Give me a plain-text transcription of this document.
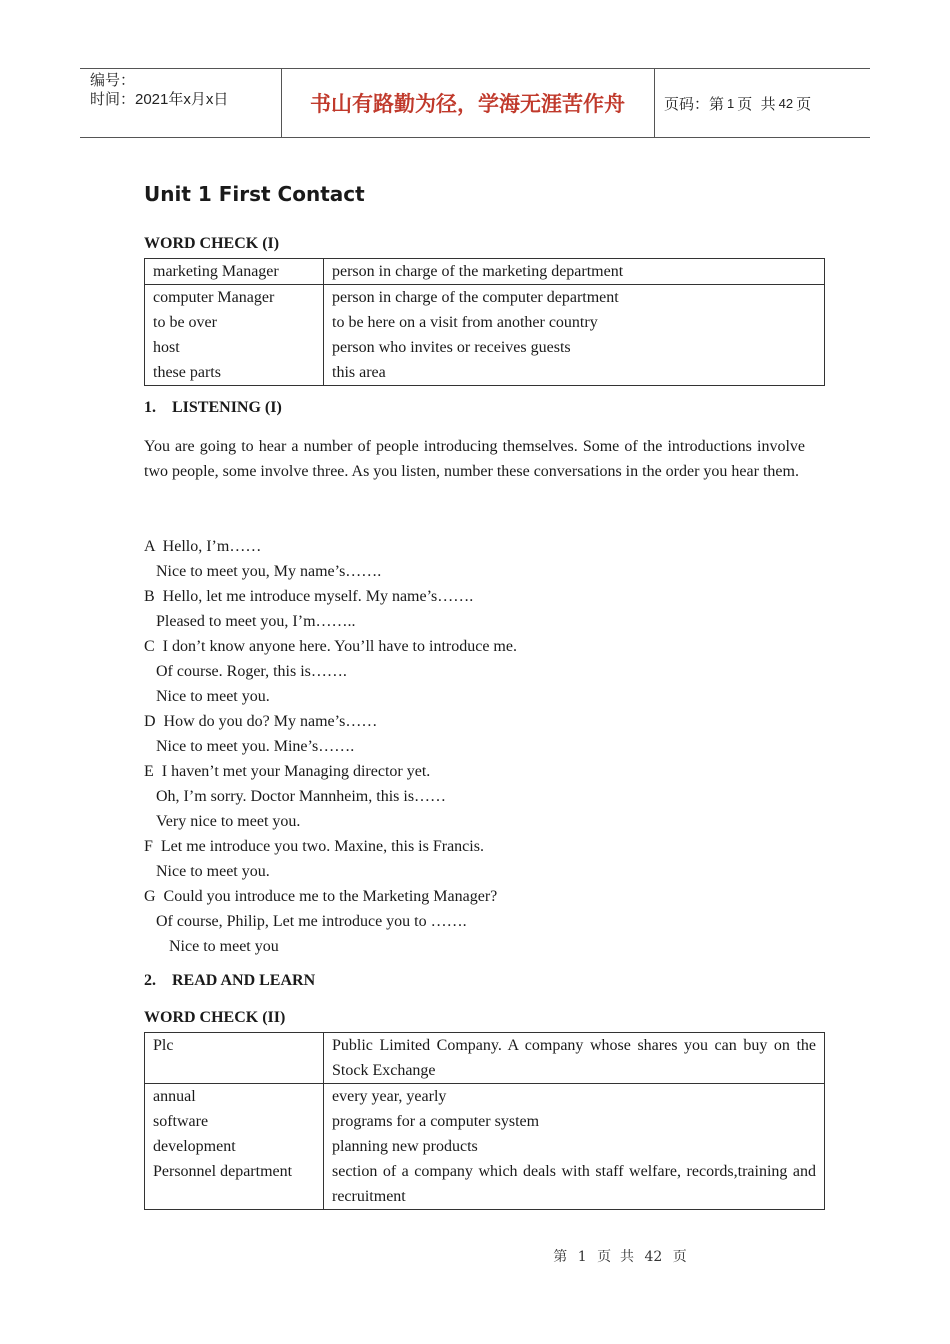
编号：
时间：2021年x月x日	书山有路勤为径，学海无涯苦作舟	页码：第 1 页  共 42 页
Unit 1 First Contact
WORD CHECK (I)
marketing Manager	person in charge of the marketing department
computer Manager	person in charge of the computer department
to be over	to be here on a visit from another country
host	person who invites or receives guests
these parts	this area
1.    LISTENING (I)
You are going to hear a number of people introducing themselves. Some of the introductions involve two people, some involve three. As you listen, number these conversations in the order you hear them.
A  Hello, I’m……
Nice to meet you, My name’s…….
B  Hello, let me introduce myself. My name’s…….
Pleased to meet you, I’m……..
C  I don’t know anyone here. You’ll have to introduce me.
Of course. Roger, this is…….
Nice to meet you.
D  How do you do? My name’s……
Nice to meet you. Mine’s…….
E  I haven’t met your Managing director yet.
Oh, I’m sorry. Doctor Mannheim, this is……
Very nice to meet you.
F  Let me introduce you two. Maxine, this is Francis.
Nice to meet you.
G  Could you introduce me to the Marketing Manager?
Of course, Philip, Let me introduce you to …….
Nice to meet you
2.    READ AND LEARN
WORD CHECK (II)
Plc	Public Limited Company. A company whose shares you can buy on the Stock Exchange
annual	every year, yearly
software	programs for a computer system
development	planning new products
Personnel department	section of a company which deals with staff welfare, records,training and recruitment
第 1 页  共 42 页
